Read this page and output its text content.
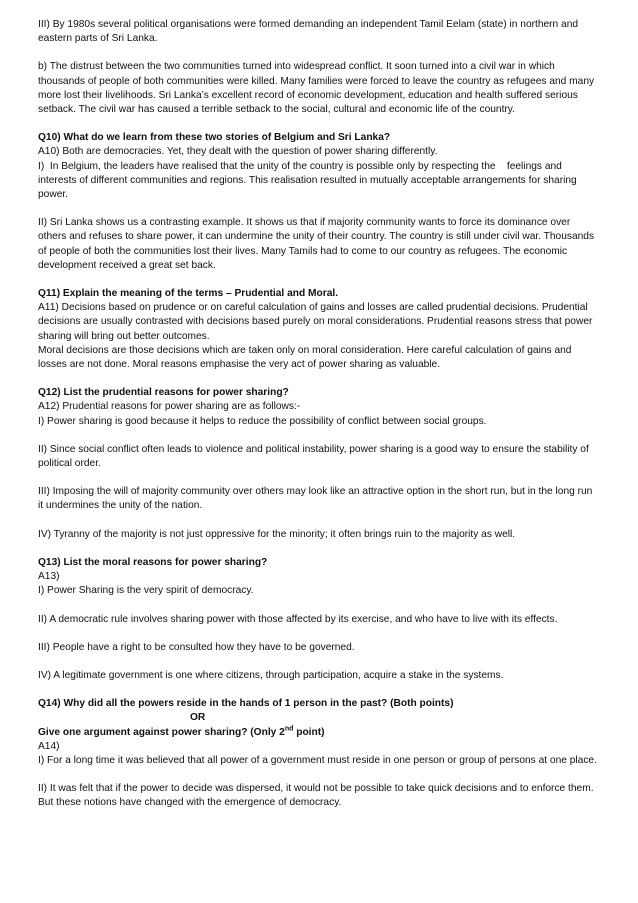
III) By 1980s several political organisations were formed demanding an independent Tamil Eelam (state) in northern and eastern parts of Sri Lanka.

b) The distrust between the two communities turned into widespread conflict. It soon turned into a civil war in which thousands of people of both communities were killed. Many families were forced to leave the country as refugees and many more lost their livelihoods. Sri Lanka’s excellent record of economic development, education and health suffered serious setback. The civil war has caused a terrible setback to the social, cultural and economic life of the country.

Q10) What do we learn from these two stories of Belgium and Sri Lanka?
A10) Both are democracies. Yet, they dealt with the question of power sharing differently.

I)  In Belgium, the leaders have realised that the unity of the country is possible only by respecting the    feelings and interests of different communities and regions. This realisation resulted in mutually acceptable arrangements for sharing power.

II) Sri Lanka shows us a contrasting example. It shows us that if majority community wants to force its dominance over others and refuses to share power, it can undermine the unity of their country. The country is still under civil war. Thousands of people of both the communities lost their lives. Many Tamils had to come to our country as refugees. The economic development received a great set back.

Q11) Explain the meaning of the terms – Prudential and Moral.
A11) Decisions based on prudence or on careful calculation of gains and losses are called prudential decisions. Prudential decisions are usually contrasted with decisions based purely on moral considerations. Prudential reasons stress that power sharing will bring out better outcomes.

Moral decisions are those decisions which are taken only on moral consideration. Here careful calculation of gains and losses are not done. Moral reasons emphasise the very act of power sharing as valuable.

Q12) List the prudential reasons for power sharing?
A12) Prudential reasons for power sharing are as follows:-

I) Power sharing is good because it helps to reduce the possibility of conflict between social groups.

II) Since social conflict often leads to violence and political instability, power sharing is a good way to ensure the stability of political order.

III) Imposing the will of majority community over others may look like an attractive option in the short run, but in the long run it undermines the unity of the nation.

IV) Tyranny of the majority is not just oppressive for the minority; it often brings ruin to the majority as well.

Q13) List the moral reasons for power sharing?
A13)

I) Power Sharing is the very spirit of democracy.

II) A democratic rule involves sharing power with those affected by its exercise, and who have to live with its effects.

III) People have a right to be consulted how they have to be governed.

IV) A legitimate government is one where citizens, through participation, acquire a stake in the systems.

Q14) Why did all the powers reside in the hands of 1 person in the past? (Both points)
OR
Give one argument against power sharing? (Only 2nd point)
A14)

I) For a long time it was believed that all power of a government must reside in one person or group of persons at one place.

II) It was felt that if the power to decide was dispersed, it would not be possible to take quick decisions and to enforce them. But these notions have changed with the emergence of democracy.
